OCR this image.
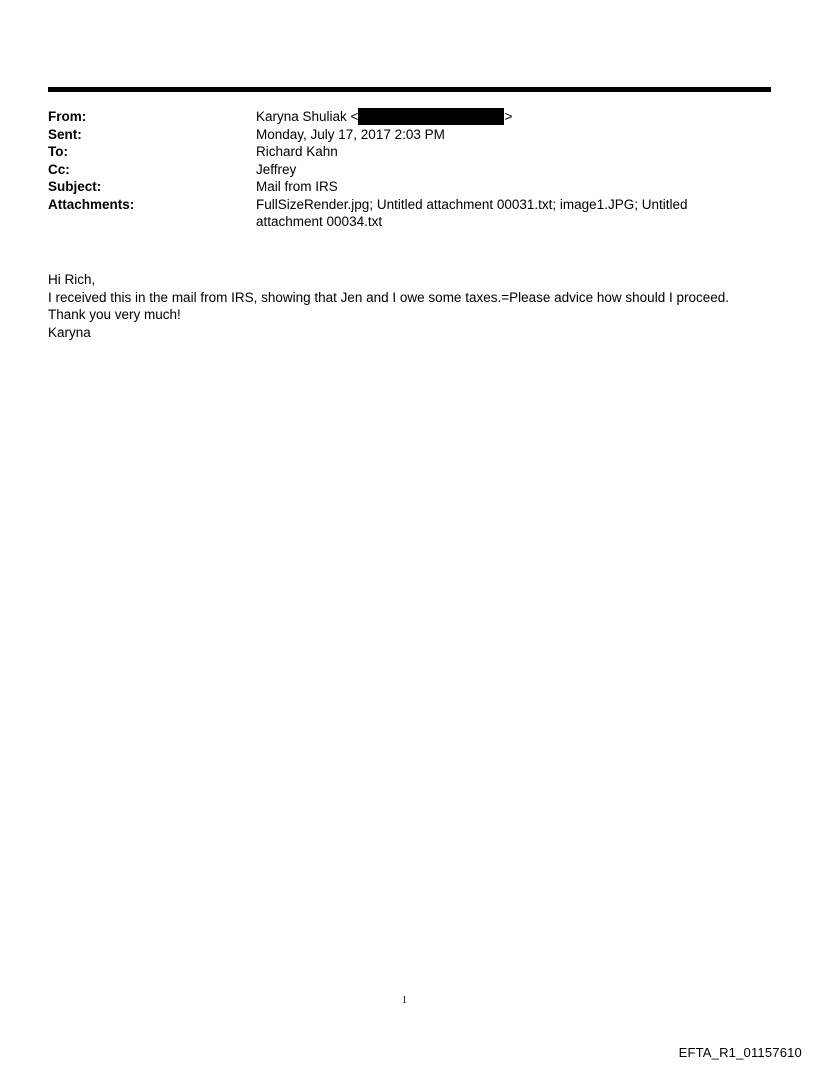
From:	Karyna Shuliak <	>
Sent:	Monday, July 17, 2017 2:03 PM
To:	Richard Kahn
Cc:	Jeffrey
Subject:	Mail from IRS
Attachments:	FullSizeRender.jpg; Untitled attachment 00031.txt; image1.JPG; Untitled attachment 00034.txt
Hi Rich,
I received this in the mail from IRS, showing that Jen and I owe some taxes.=Please advice how should I proceed.
Thank you very much!
Karyna
1
EFTA_R1_01157610
